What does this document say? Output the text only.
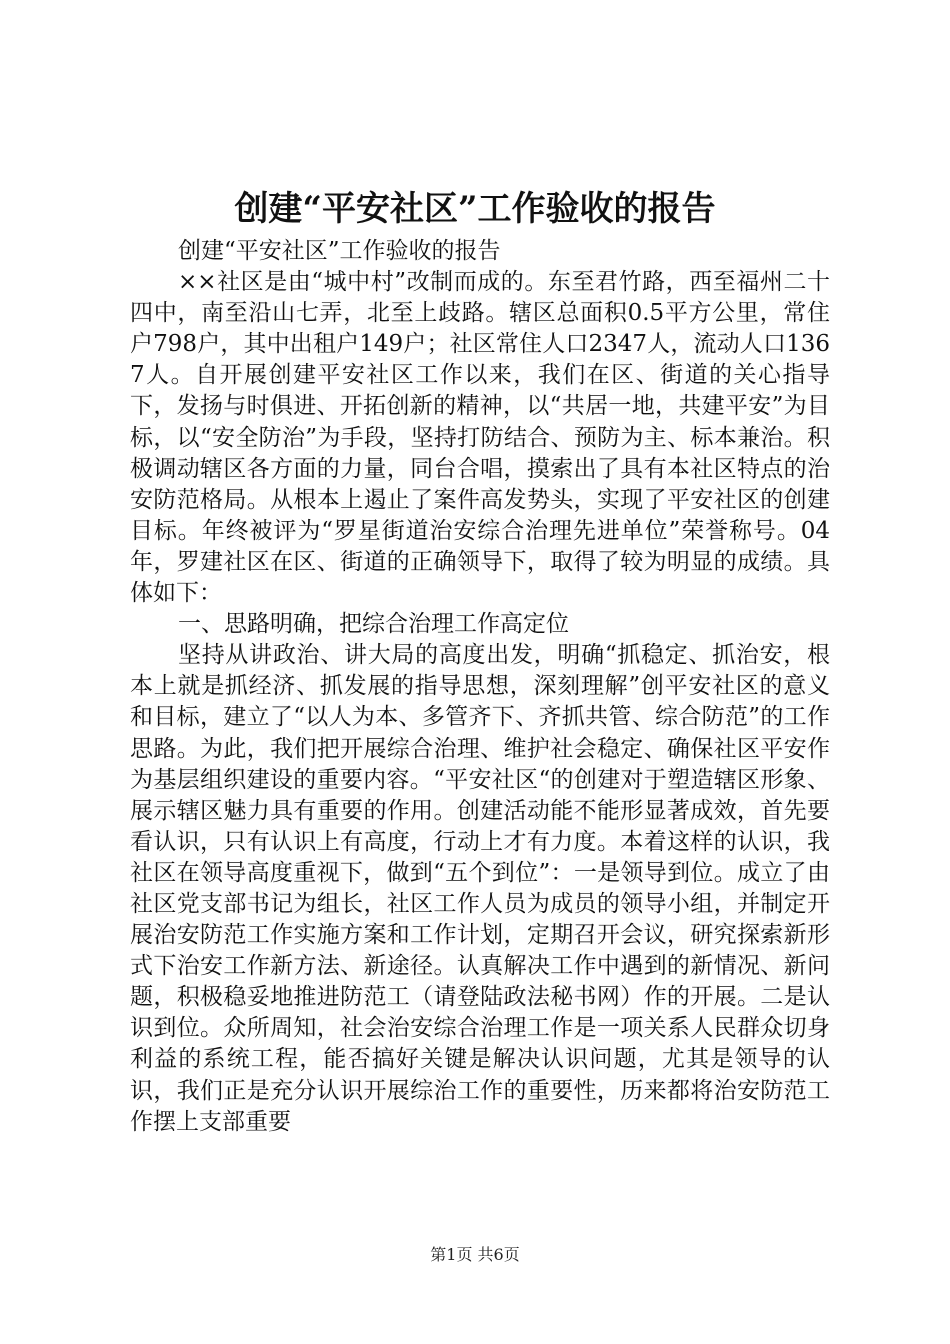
创建“平安社区”工作验收的报告

创建“平安社区”工作验收的报告

××社区是由“城中村”改制而成的。东至君竹路，西至福州二十四中，南至沿山七弄，北至上歧路。辖区总面积0.5平方公里，常住户798户，其中出租户149户；社区常住人口2347人，流动人口1367人。自开展创建平安社区工作以来，我们在区、街道的关心指导下，发扬与时俱进、开拓创新的精神，以“共居一地，共建平安”为目标，以“安全防治”为手段，坚持打防结合、预防为主、标本兼治。积极调动辖区各方面的力量，同台合唱，摸索出了具有本社区特点的治安防范格局。从根本上遏止了案件高发势头，实现了平安社区的创建目标。年终被评为“罗星街道治安综合治理先进单位”荣誉称号。04年，罗建社区在区、街道的正确领导下，取得了较为明显的成绩。具体如下：

一、思路明确，把综合治理工作高定位

坚持从讲政治、讲大局的高度出发，明确“抓稳定、抓治安，根本上就是抓经济、抓发展的指导思想，深刻理解”创平安社区的意义和目标，建立了“以人为本、多管齐下、齐抓共管、综合防范”的工作思路。为此，我们把开展综合治理、维护社会稳定、确保社区平安作为基层组织建设的重要内容。“平安社区“的创建对于塑造辖区形象、展示辖区魅力具有重要的作用。创建活动能不能形显著成效，首先要看认识，只有认识上有高度，行动上才有力度。本着这样的认识，我社区在领导高度重视下，做到“五个到位”：一是领导到位。成立了由社区党支部书记为组长，社区工作人员为成员的领导小组，并制定开展治安防范工作实施方案和工作计划，定期召开会议，研究探索新形式下治安工作新方法、新途径。认真解决工作中遇到的新情况、新问题，积极稳妥地推进防范工（请登陆政法秘书网）作的开展。二是认识到位。众所周知，社会治安综合治理工作是一项关系人民群众切身利益的系统工程，能否搞好关键是解决认识问题，尤其是领导的认识，我们正是充分认识开展综治工作的重要性，历来都将治安防范工作摆上支部重要

第1页 共6页
